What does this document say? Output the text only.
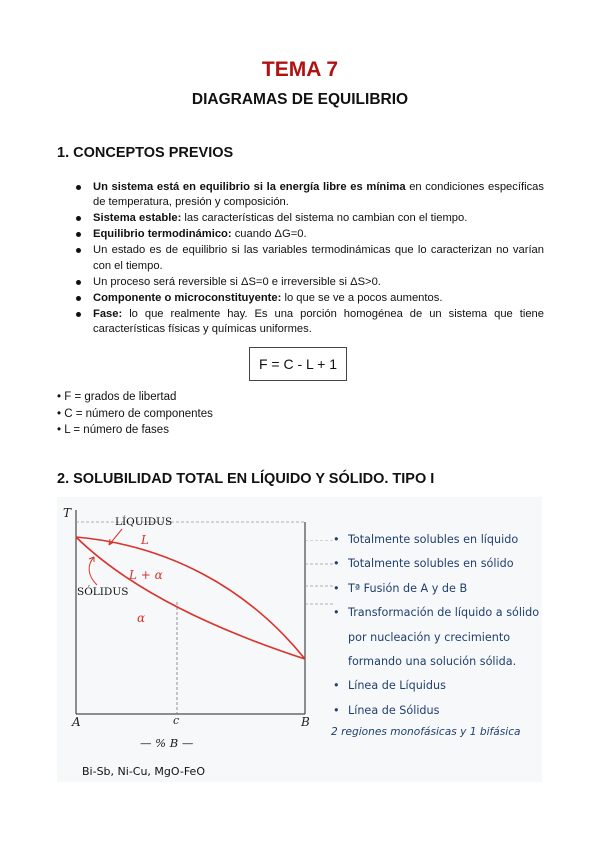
TEMA 7
DIAGRAMAS DE EQUILIBRIO
1. CONCEPTOS PREVIOS
Un sistema está en equilibrio si la energía libre es mínima en condiciones específicas de temperatura, presión y composición.
Sistema estable: las características del sistema no cambian con el tiempo.
Equilibrio termodinámico: cuando ΔG=0.
Un estado es de equilibrio si las variables termodinámicas que lo caracterizan no varían con el tiempo.
Un proceso será reversible si ΔS=0 e irreversible si ΔS>0.
Componente o microconstituyente: lo que se ve a pocos aumentos.
Fase: lo que realmente hay. Es una porción homogénea de un sistema que tiene características físicas y químicas uniformes.
F = C - L + 1
• F = grados de libertad
• C = número de componentes
• L = número de fases
2. SOLUBILIDAD TOTAL EN LÍQUIDO Y SÓLIDO. TIPO I
T
LÍQUIDUS
SÓLIDUS
L
L + α
α
A	c	B
— % B —
• Totalmente solubles en líquido
• Totalmente solubles en sólido
• Tª Fusión de A y de B
• Transformación de líquido a sólido
por nucleación y crecimiento
formando una solución sólida.
• Línea de Líquidus
• Línea de Sólidus
2 regiones monofásicas y 1 bifásica
Bi-Sb, Ni-Cu, MgO-FeO
